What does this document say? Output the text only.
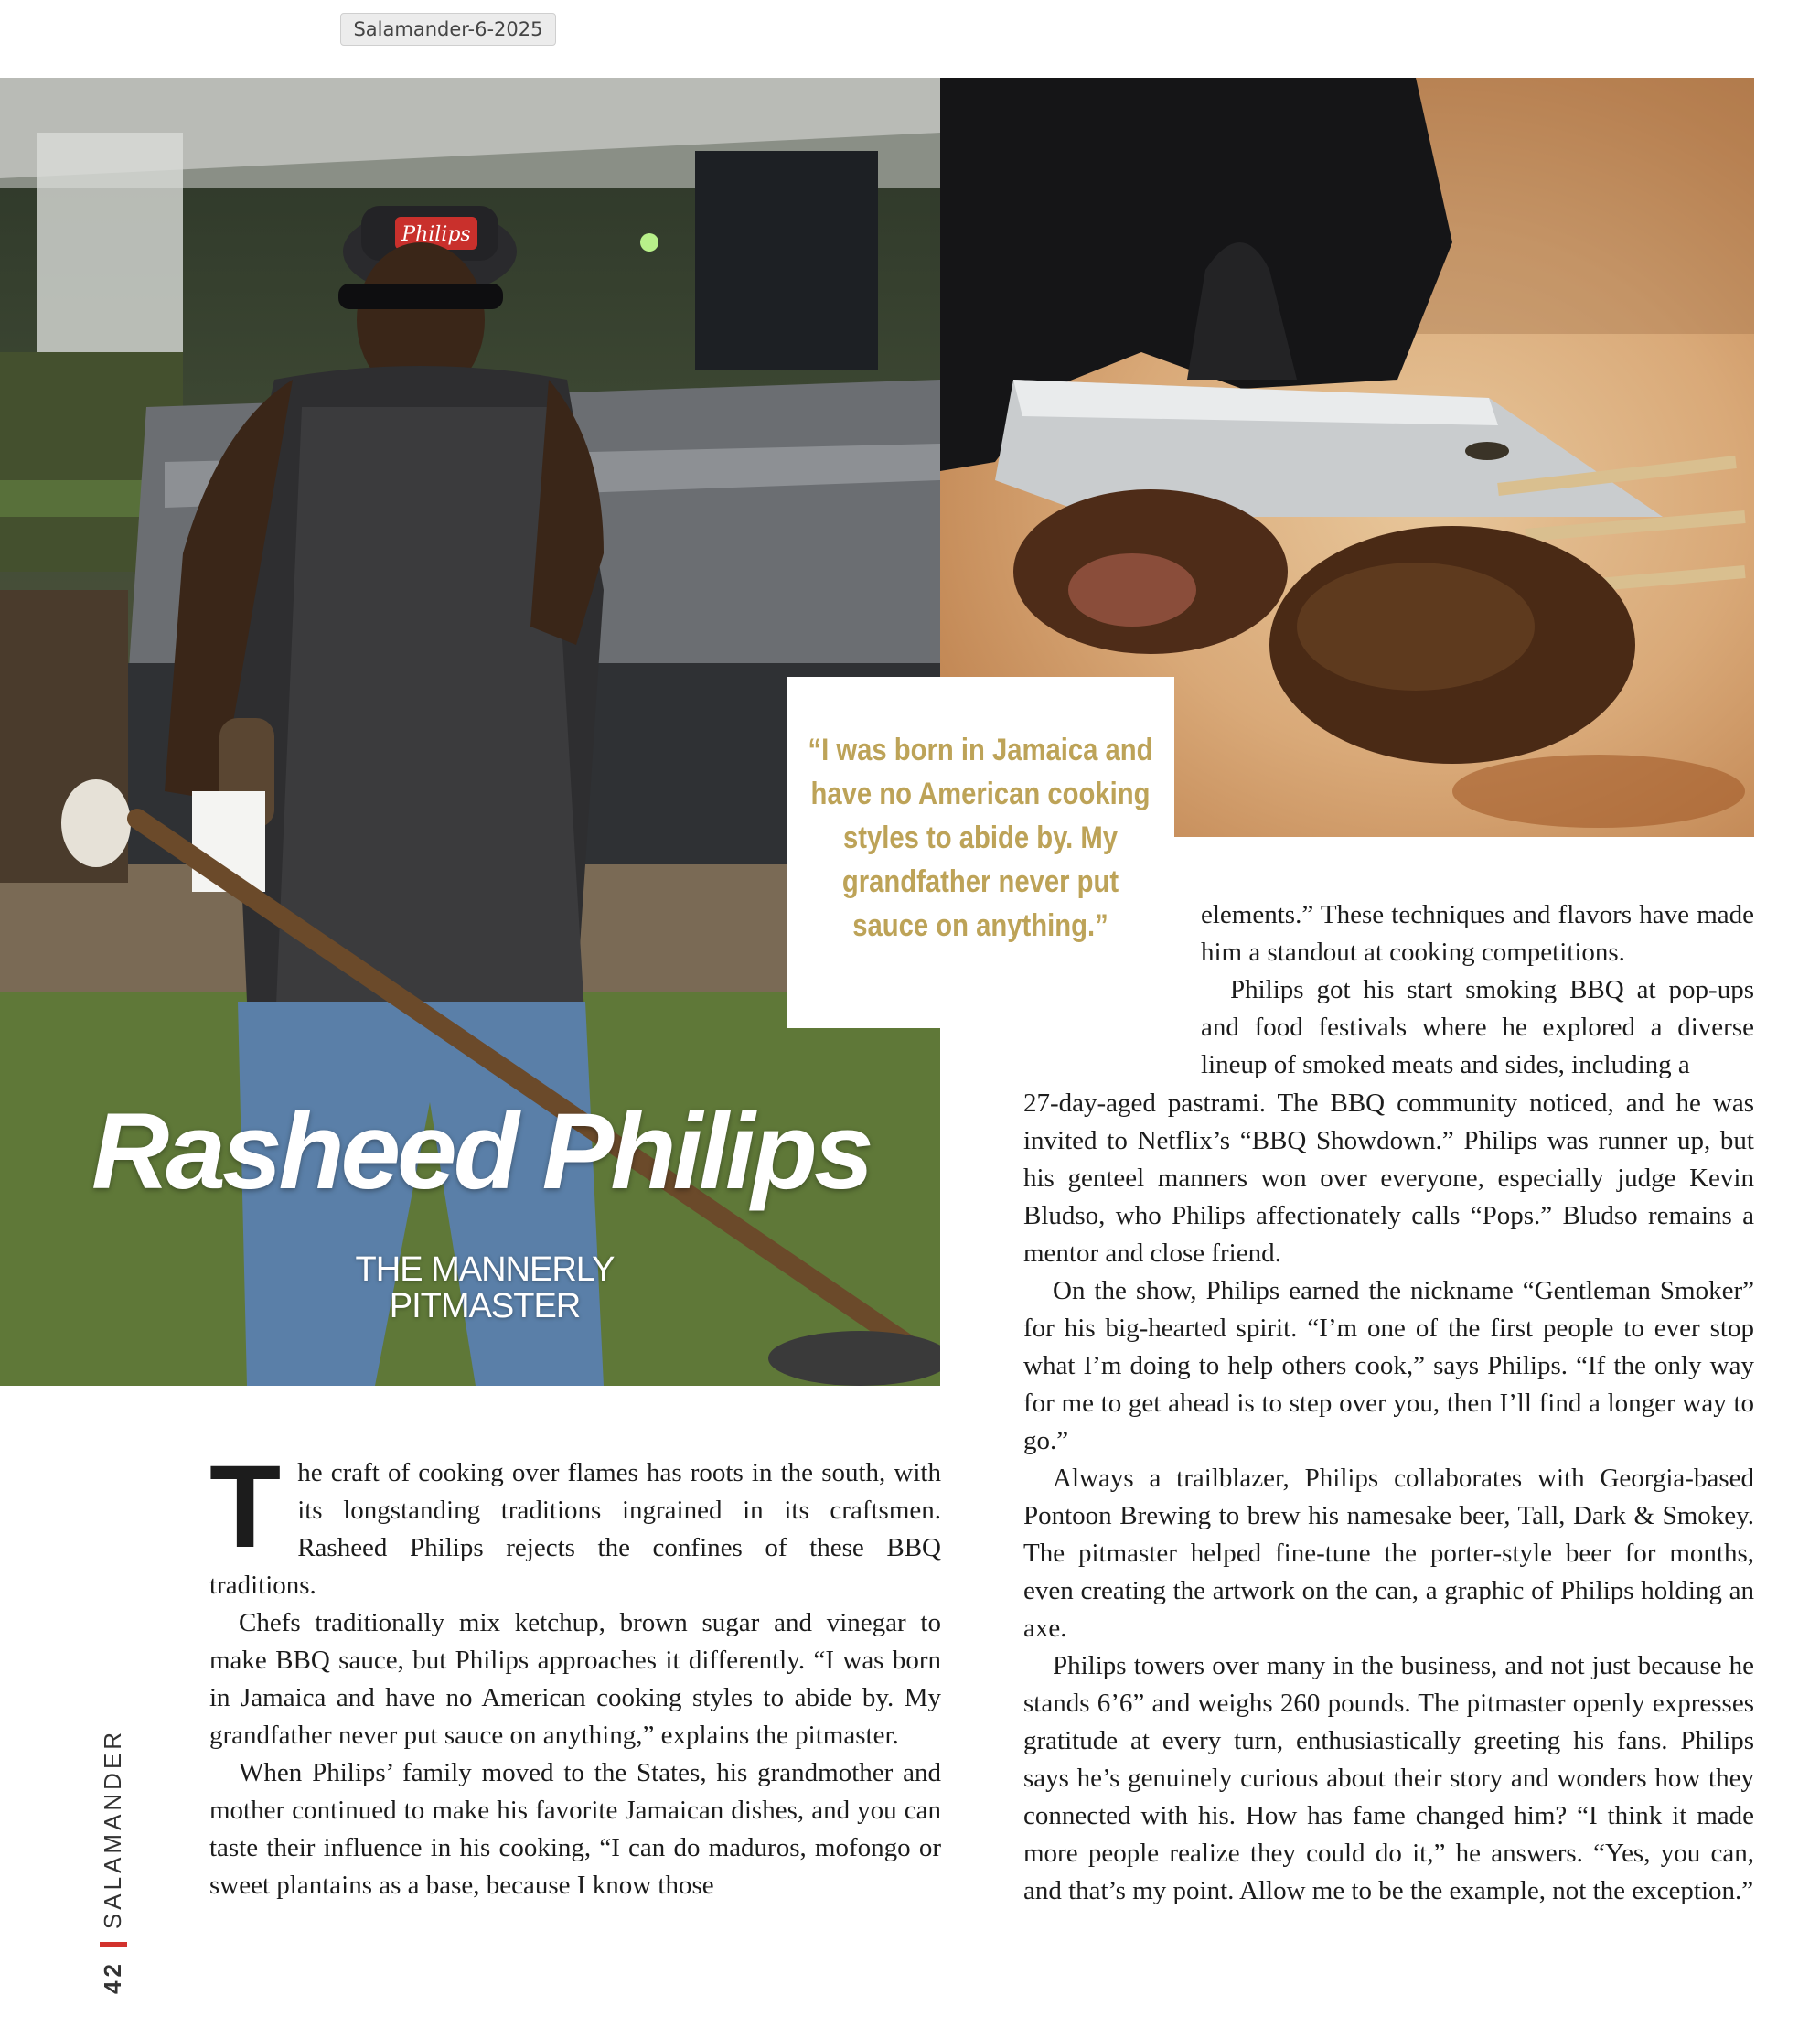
Salamander-6-2025
Philips
Rasheed Philips
THE MANNERLY
PITMASTER
“I was born in Jamaica and have no American cooking styles to abide by. My grandfather never put sauce on anything.”

The craft of cooking over flames has roots in the south, with its longstanding traditions ingrained in its craftsmen. Rasheed Philips rejects the confines of these BBQ traditions.

Chefs traditionally mix ketchup, brown sugar and vinegar to make BBQ sauce, but Philips approaches it differently. “I was born in Jamaica and have no American cooking styles to abide by. My grandfather never put sauce on anything,” explains the pitmaster.

When Philips’ family moved to the States, his grandmother and mother continued to make his favorite Jamaican dishes, and you can taste their influence in his cooking, “I can do maduros, mofongo or sweet plantains as a base, because I know those

elements.” These techniques and flavors have made him a standout at cooking competitions.

Philips got his start smoking BBQ at pop-ups and food festivals where he explored a diverse lineup of smoked meats and sides, including a

27-day-aged pastrami. The BBQ community noticed, and he was invited to Netflix’s “BBQ Showdown.” Philips was runner up, but his genteel manners won over everyone, especially judge Kevin Bludso, who Philips affectionately calls “Pops.” Bludso remains a mentor and close friend.

On the show, Philips earned the nickname “Gentleman Smoker” for his big-hearted spirit. “I’m one of the first people to ever stop what I’m doing to help others cook,” says Philips. “If the only way for me to get ahead is to step over you, then I’ll find a longer way to go.”

Always a trailblazer, Philips collaborates with Georgia-based Pontoon Brewing to brew his namesake beer, Tall, Dark & Smokey. The pitmaster helped fine-tune the porter-style beer for months, even creating the artwork on the can, a graphic of Philips holding an axe.

Philips towers over many in the business, and not just because he stands 6’6” and weighs 260 pounds. The pitmaster openly expresses gratitude at every turn, enthusiastically greeting his fans. Philips says he’s genuinely curious about their story and wonders how they connected with his. How has fame changed him? “I think it made more people realize they could do it,” he answers. “Yes, you can, and that’s my point. Allow me to be the example, not the exception.”

42
SALAMANDER
